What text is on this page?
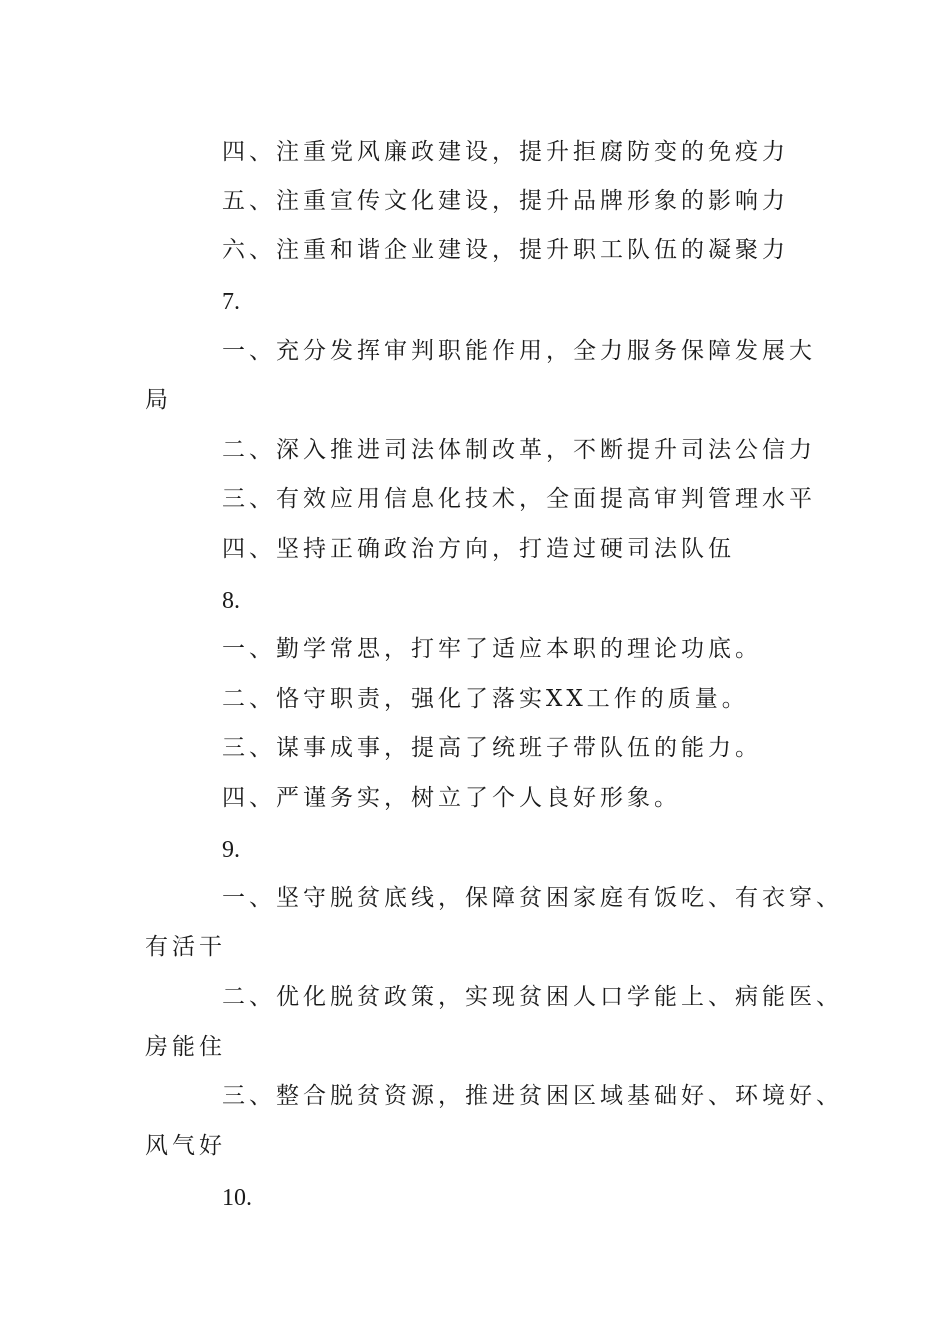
四、注重党风廉政建设，提升拒腐防变的免疫力
五、注重宣传文化建设，提升品牌形象的影响力
六、注重和谐企业建设，提升职工队伍的凝聚力
7.
一、充分发挥审判职能作用，全力服务保障发展大
局
二、深入推进司法体制改革，不断提升司法公信力
三、有效应用信息化技术，全面提高审判管理水平
四、坚持正确政治方向，打造过硬司法队伍
8.
一、勤学常思，打牢了适应本职的理论功底。
二、恪守职责，强化了落实XX工作的质量。
三、谋事成事，提高了统班子带队伍的能力。
四、严谨务实，树立了个人良好形象。
9.
一、坚守脱贫底线，保障贫困家庭有饭吃、有衣穿、
有活干
二、优化脱贫政策，实现贫困人口学能上、病能医、
房能住
三、整合脱贫资源，推进贫困区域基础好、环境好、
风气好
10.
